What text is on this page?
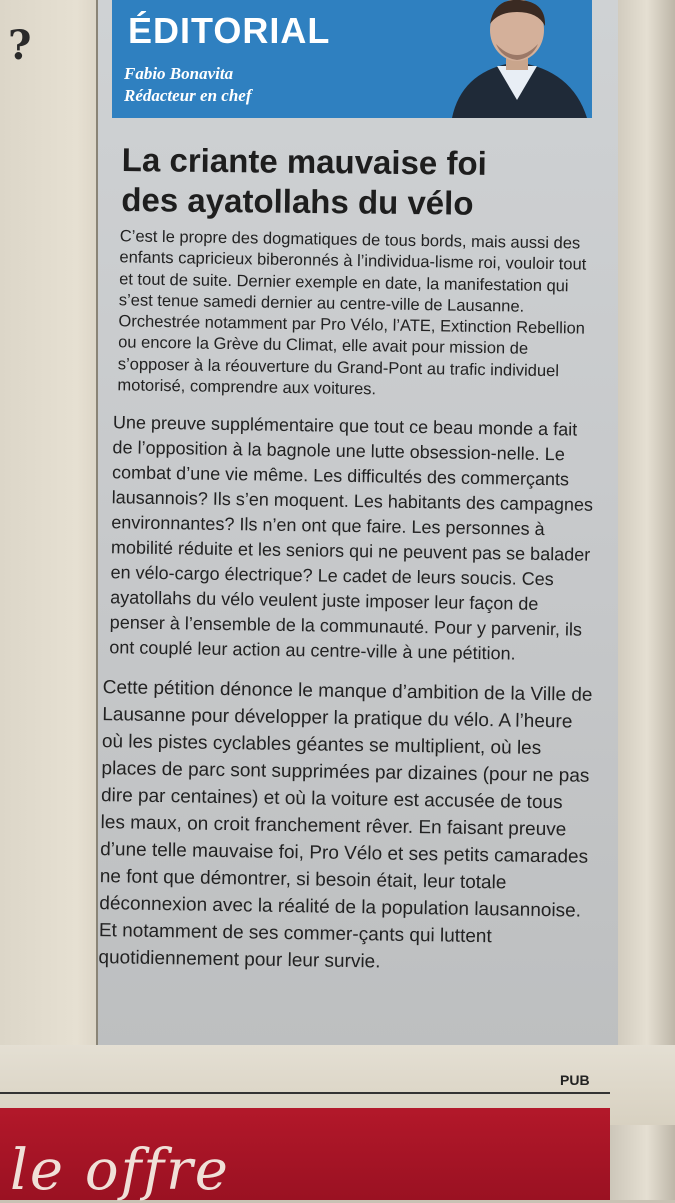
?	ÉDITORIAL
Fabio Bonavita
Rédacteur en chef
La criante mauvaise foi
des ayatollahs du vélo

C’est le propre des dogmatiques de tous bords, mais aussi des enfants capricieux biberonnés à l’individua-lisme roi, vouloir tout et tout de suite. Dernier exemple en date, la manifestation qui s’est tenue samedi dernier au centre-ville de Lausanne. Orchestrée notamment par Pro Vélo, l’ATE, Extinction Rebellion ou encore la Grève du Climat, elle avait pour mission de s’opposer à la réouverture du Grand-Pont au trafic individuel motorisé, comprendre aux voitures.

Une preuve supplémentaire que tout ce beau monde a fait de l’opposition à la bagnole une lutte obsession-nelle. Le combat d’une vie même. Les difficultés des commerçants lausannois? Ils s’en moquent. Les habitants des campagnes environnantes? Ils n’en ont que faire. Les personnes à mobilité réduite et les seniors qui ne peuvent pas se balader en vélo-cargo électrique? Le cadet de leurs soucis. Ces ayatollahs du vélo veulent juste imposer leur façon de penser à l’ensemble de la communauté. Pour y parvenir, ils ont couplé leur action au centre-ville à une pétition.

Cette pétition dénonce le manque d’ambition de la Ville de Lausanne pour développer la pratique du vélo. A l’heure où les pistes cyclables géantes se multiplient, où les places de parc sont supprimées par dizaines (pour ne pas dire par centaines) et où la voiture est accusée de tous les maux, on croit franchement rêver. En faisant preuve d’une telle mauvaise foi, Pro Vélo et ses petits camarades ne font que démontrer, si besoin était, leur totale déconnexion avec la réalité de la population lausannoise. Et notamment de ses commer-çants qui luttent quotidiennement pour leur survie.

PUB
le offre
